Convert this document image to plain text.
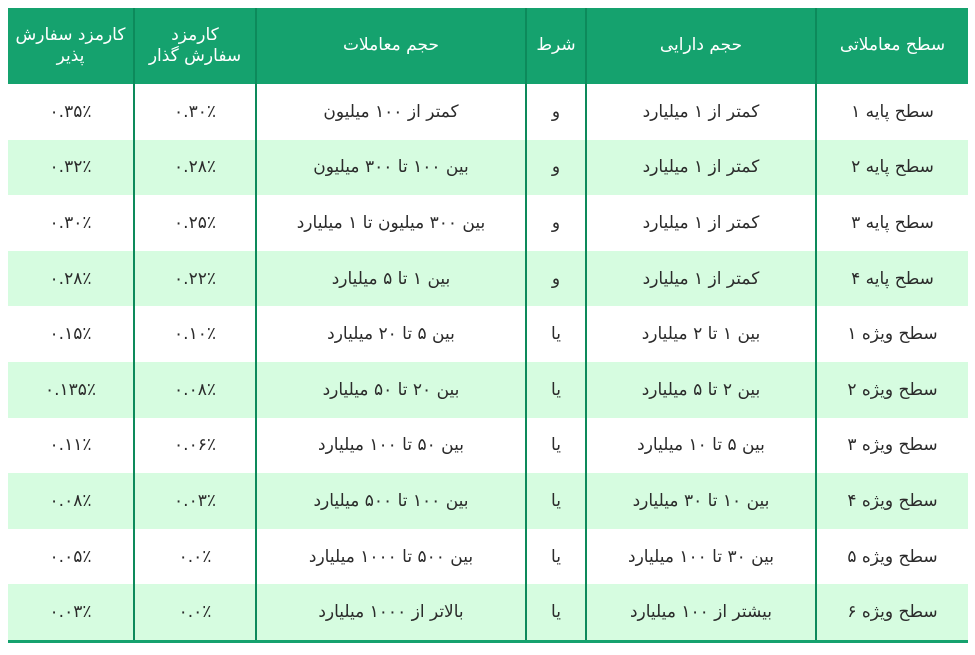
سطح معاملاتی	حجم دارایی	شرط	حجم معاملات	کارمزد سفارش گذار	کارمزد سفارش پذیر
سطح پایه ۱	کمتر از ۱ میلیارد	و	کمتر از ۱۰۰ میلیون	۰.۳۰٪	۰.۳۵٪
سطح پایه ۲	کمتر از ۱ میلیارد	و	بین ۱۰۰ تا ۳۰۰ میلیون	۰.۲۸٪	۰.۳۲٪
سطح پایه ۳	کمتر از ۱ میلیارد	و	بین ۳۰۰ میلیون تا ۱ میلیارد	۰.۲۵٪	۰.۳۰٪
سطح پایه ۴	کمتر از ۱ میلیارد	و	بین ۱ تا ۵ میلیارد	۰.۲۲٪	۰.۲۸٪
سطح ویژه ۱	بین ۱ تا ۲ میلیارد	یا	بین ۵ تا ۲۰ میلیارد	۰.۱۰٪	۰.۱۵٪
سطح ویژه ۲	بین ۲ تا ۵ میلیارد	یا	بین ۲۰ تا ۵۰ میلیارد	۰.۰۸٪	۰.۱۳۵٪
سطح ویژه ۳	بین ۵ تا ۱۰ میلیارد	یا	بین ۵۰ تا ۱۰۰ میلیارد	۰.۰۶٪	۰.۱۱٪
سطح ویژه ۴	بین ۱۰ تا ۳۰ میلیارد	یا	بین ۱۰۰ تا ۵۰۰ میلیارد	۰.۰۳٪	۰.۰۸٪
سطح ویژه ۵	بین ۳۰ تا ۱۰۰ میلیارد	یا	بین ۵۰۰ تا ۱۰۰۰ میلیارد	۰.۰٪	۰.۰۵٪
سطح ویژه ۶	بیشتر از ۱۰۰ میلیارد	یا	بالاتر از ۱۰۰۰ میلیارد	۰.۰٪	۰.۰۳٪
